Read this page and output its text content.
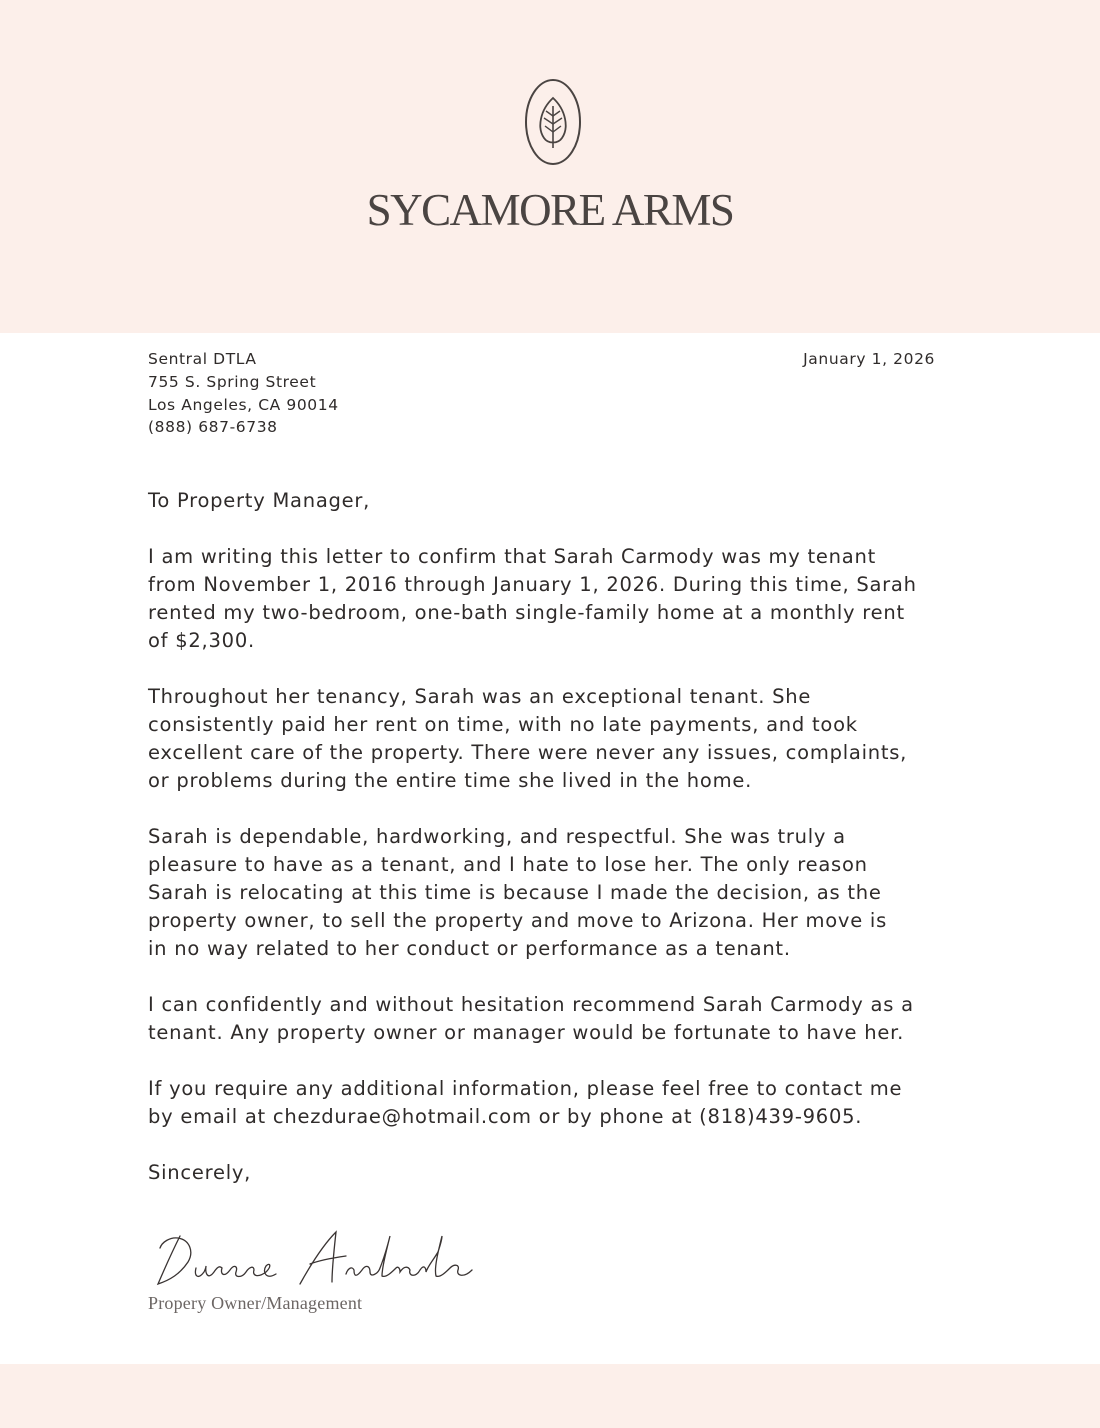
SYCAMORE ARMS
Sentral DTLA
755 S. Spring Street
Los Angeles, CA 90014
(888) 687-6738
January 1, 2026

To Property Manager,

I am writing this letter to confirm that Sarah Carmody was my tenant
from November 1, 2016 through January 1, 2026. During this time, Sarah
rented my two-bedroom, one-bath single-family home at a monthly rent
of $2,300.

Throughout her tenancy, Sarah was an exceptional tenant. She
consistently paid her rent on time, with no late payments, and took
excellent care of the property. There were never any issues, complaints,
or problems during the entire time she lived in the home.

Sarah is dependable, hardworking, and respectful. She was truly a
pleasure to have as a tenant, and I hate to lose her. The only reason
Sarah is relocating at this time is because I made the decision, as the
property owner, to sell the property and move to Arizona. Her move is
in no way related to her conduct or performance as a tenant.

I can confidently and without hesitation recommend Sarah Carmody as a
tenant. Any property owner or manager would be fortunate to have her.

If you require any additional information, please feel free to contact me
by email at chezdurae@hotmail.com or by phone at (818)439-9605.

Sincerely,

Propery Owner/Management
